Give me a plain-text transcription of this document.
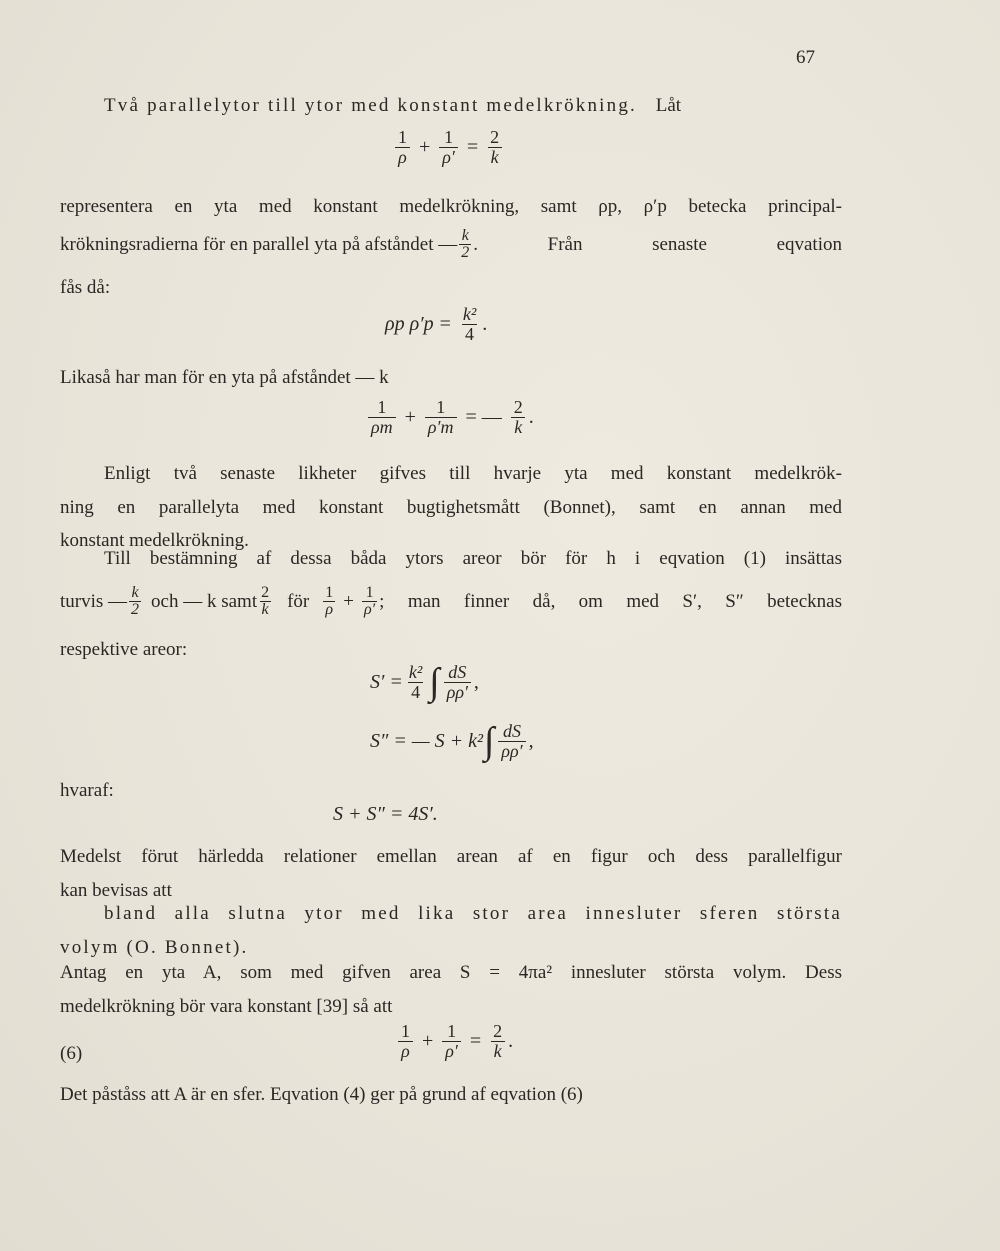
67
Två parallelytor till ytor med konstant medelkrökning. Låt
$\frac{1}{\rho} + \frac{1}{\rho'} = \frac{2}{k}$
representera en yta med konstant medelkrökning, samt ρp, ρ′p betecka principal-
krökningsradierna för en parallel yta på afståndet — $\frac{k}{2}$ . Från senaste eqvation
fås då:
ρp $\rho'p = \frac{\text{k²}}{4}$ .
Likaså har man för en yta på afståndet — k
$\frac{1}{\rho m} + \frac{1}{\rho'm}$ = — $\frac{2}{k}$ .
Enligt två senaste likheter gifves till hvarje yta med konstant medelkrök-
ning en parallelyta med konstant bugtighetsmått (Bonnet), samt en annan med
konstant medelkrökning.
Till bestämning af dessa båda ytors areor bör för h i eqvation (1) insättas
turvis — $\frac{k}{2}$ och — k samt $\frac{2}{k}$ för $\frac{1}{\rho} + \frac{1}{\rho'}$ ; man finner då, om med S′, S″ betecknas
respektive areor:
$S' = \frac{\text{k²}}{4}$ ∫ $\frac{dS}{\rho\rho'}$ ,
S″ = — S + k² ∫ $\frac{dS}{\rho\rho'}$ ,
hvaraf:
S + S″ = 4S′.
Medelst förut härledda relationer emellan arean af en figur och dess parallelfigur
kan bevisas att
bland alla slutna ytor med lika stor area innesluter sferen största
volym (O. Bonnet).
Antag en yta A, som med gifven area S = 4πa² innesluter största volym. Dess
medelkrökning bör vara konstant [39] så att
(6)	$\frac{1}{\rho} + \frac{1}{\rho'} = \frac{2}{k}$ .
Det påståss att A är en sfer. Eqvation (4) ger på grund af eqvation (6)
